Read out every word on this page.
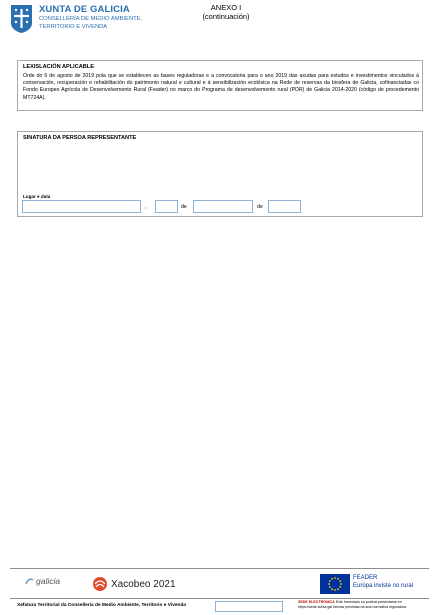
XUNTA DE GALICIA
CONSELLERÍA DE MEDIO AMBIENTE,
TERRITORIO E VIVENDA
ANEXO I
(continuación)
LEXISLACIÓN APLICABLE
Orde do 6 de agosto de 2019 pola que se establecen as bases reguladoras e a convocatoria para o ano 2019 das axudas para estudos e investimentos vinculados á conservación, recuperación e rehabilitación do patrimonio natural e cultural e á sensibilización ecolóxica na Rede de reservas da biosfera de Galicia, cofinanciadas co Fondo Europeo Agrícola de Desenvolvemento Rural (Feader) no marco do Programa de desenvolvemento rural (PDR) de Galicia 2014-2020 (código de procedemento MT724A).
SINATURA DA PERSOA REPRESENTANTE
Lugar e data
,	de	de
galicia	Xacobeo 2021
FEADER
Europa inviste no rural
Xefatura Territorial da Consellería de Medio Ambiente, Territorio e Vivenda
SEDE ELECTRÓNICA Este formulario só poderá presentarse en
https://sede.xunta.gal formas previstas na súa normativa reguladora
